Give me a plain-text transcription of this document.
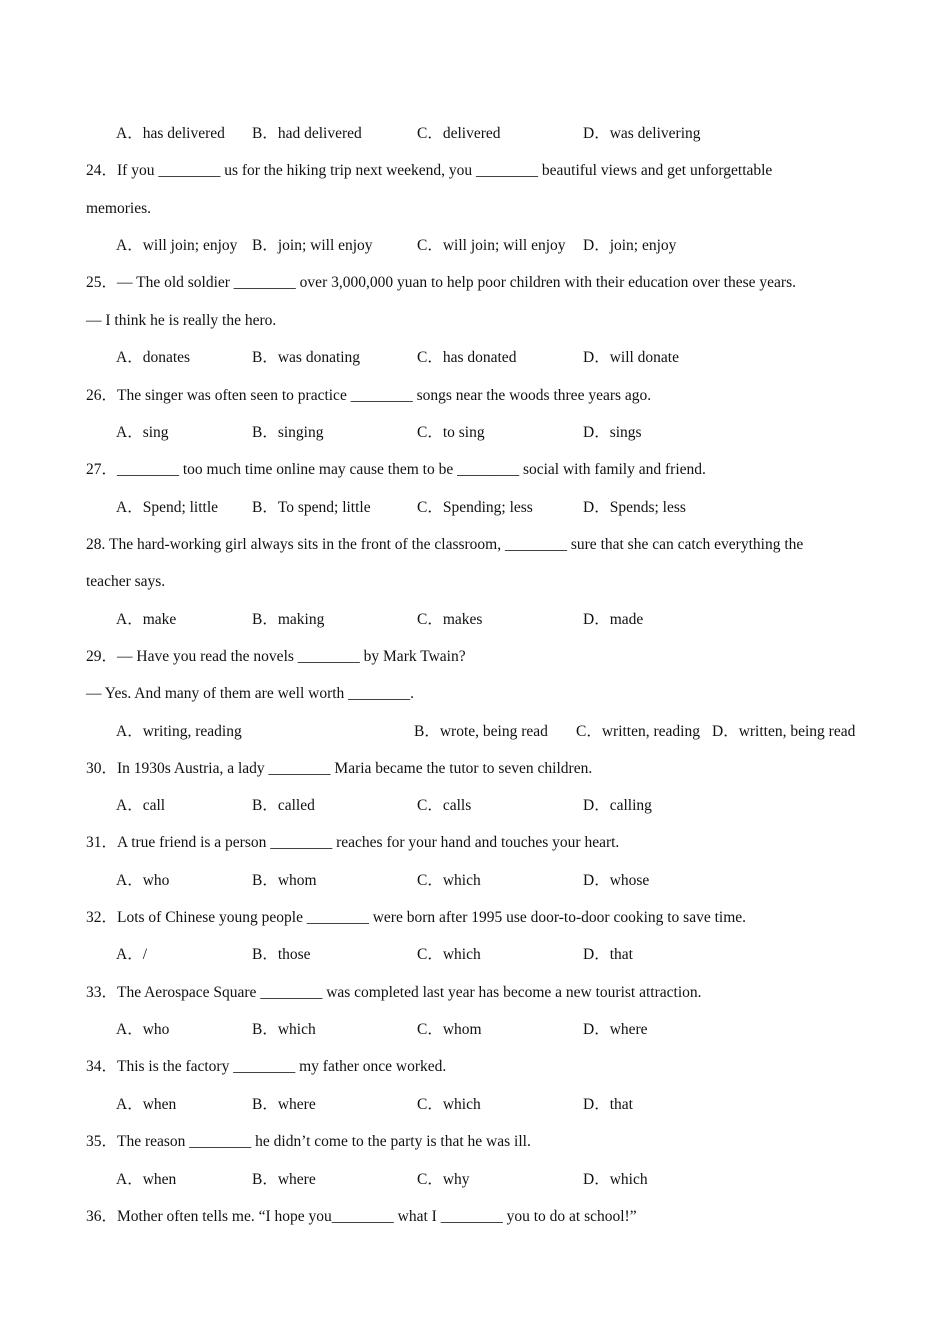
A．has delivered B．had delivered	C．delivered	D．was delivering
24．If you ________ us for the hiking trip next weekend, you ________ beautiful views and get unforgettable
memories.
A．will join; enjoy B．join; will enjoy	C．will join; will enjoy D．join; enjoy
25．— The old soldier ________ over 3,000,000 yuan to help poor children with their education over these years.
— I think he is really the hero.
A．donates	B．was donating	C．has donated	D．will donate
26．The singer was often seen to practice ________ songs near the woods three years ago.
A．sing	B．singing	C．to sing	D．sings
27．________ too much time online may cause them to be ________ social with family and friend.
A．Spend; little B．To spend; little	C．Spending; less	D．Spends; less
28. The hard-working girl always sits in the front of the classroom, ________ sure that she can catch everything the
teacher says.
A．make	B．making	C．makes	D．made
29．— Have you read the novels ________ by Mark Twain?
— Yes. And many of them are well worth ________.
A．writing, reading	B．wrote, being read C．written, reading D．written, being read
30．In 1930s Austria, a lady ________ Maria became the tutor to seven children.
A．call	B．called	C．calls	D．calling
31．A true friend is a person ________ reaches for your hand and touches your heart.
A．who	B．whom	C．which	D．whose
32．Lots of Chinese young people ________ were born after 1995 use door-to-door cooking to save time.
A．/	B．those	C．which	D．that
33．The Aerospace Square ________ was completed last year has become a new tourist attraction.
A．who	B．which	C．whom	D．where
34．This is the factory ________ my father once worked.
A．when	B．where	C．which	D．that
35．The reason ________ he didn’t come to the party is that he was ill.
A．when	B．where	C．why	D．which
36．Mother often tells me. “I hope you________ what I ________ you to do at school!”
